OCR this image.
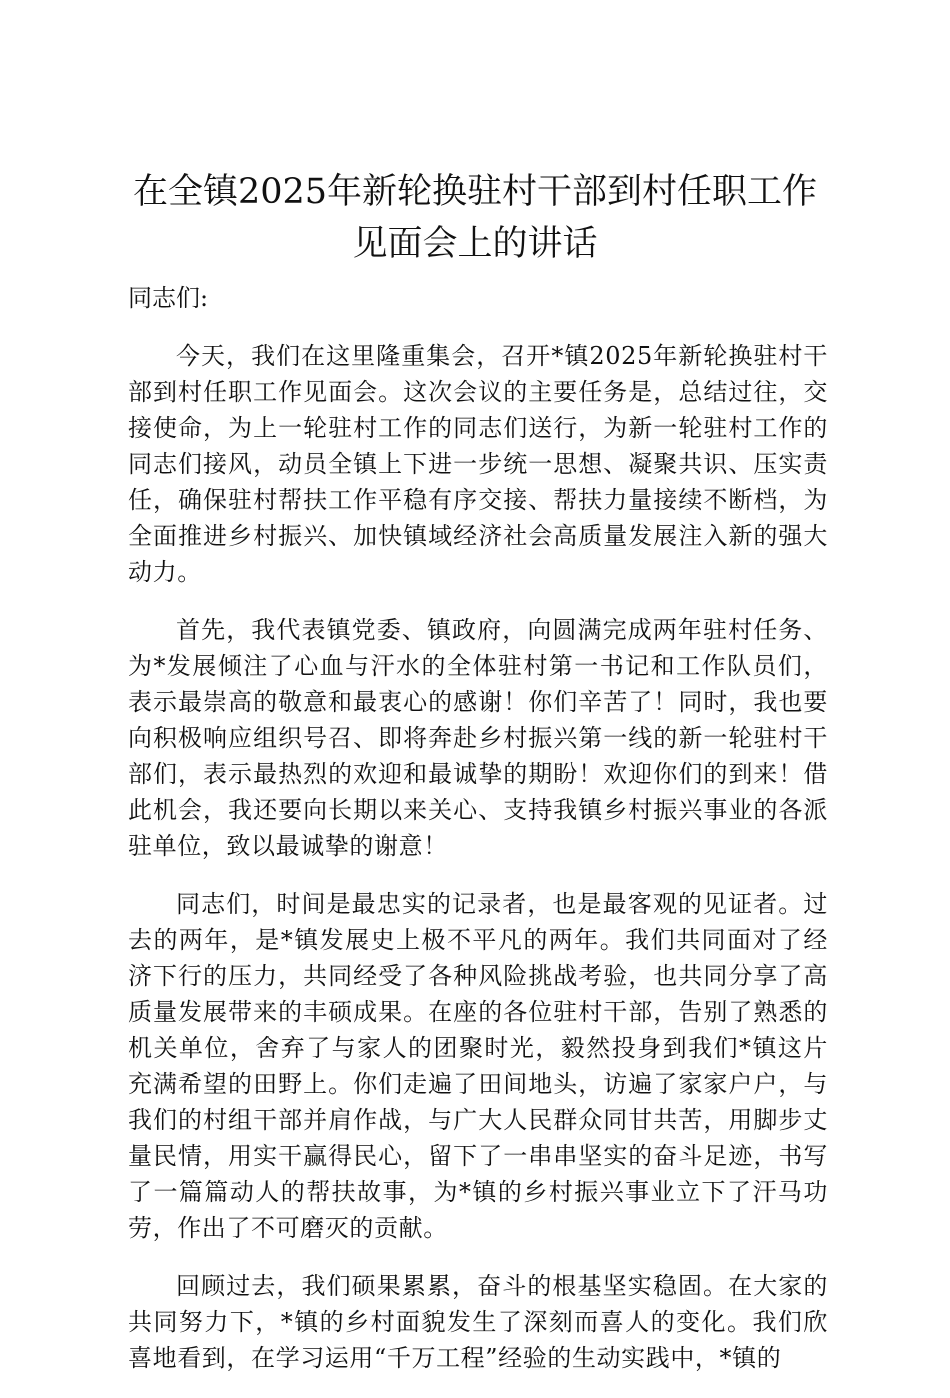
在全镇2025年新轮换驻村干部到村任职工作见面会上的讲话

同志们:

今天，我们在这里隆重集会，召开*镇2025年新轮换驻村干部到村任职工作见面会。这次会议的主要任务是，总结过往，交接使命，为上一轮驻村工作的同志们送行，为新一轮驻村工作的同志们接风，动员全镇上下进一步统一思想、凝聚共识、压实责任，确保驻村帮扶工作平稳有序交接、帮扶力量接续不断档，为全面推进乡村振兴、加快镇域经济社会高质量发展注入新的强大动力。

首先，我代表镇党委、镇政府，向圆满完成两年驻村任务、为*发展倾注了心血与汗水的全体驻村第一书记和工作队员们，表示最崇高的敬意和最衷心的感谢！你们辛苦了！同时，我也要向积极响应组织号召、即将奔赴乡村振兴第一线的新一轮驻村干部们，表示最热烈的欢迎和最诚挚的期盼！欢迎你们的到来！借此机会，我还要向长期以来关心、支持我镇乡村振兴事业的各派驻单位，致以最诚挚的谢意！

同志们，时间是最忠实的记录者，也是最客观的见证者。过去的两年，是*镇发展史上极不平凡的两年。我们共同面对了经济下行的压力，共同经受了各种风险挑战考验，也共同分享了高质量发展带来的丰硕成果。在座的各位驻村干部，告别了熟悉的机关单位，舍弃了与家人的团聚时光，毅然投身到我们*镇这片充满希望的田野上。你们走遍了田间地头，访遍了家家户户，与我们的村组干部并肩作战，与广大人民群众同甘共苦，用脚步丈量民情，用实干赢得民心，留下了一串串坚实的奋斗足迹，书写了一篇篇动人的帮扶故事，为*镇的乡村振兴事业立下了汗马功劳，作出了不可磨灭的贡献。

回顾过去，我们硕果累累，奋斗的根基坚实稳固。在大家的共同努力下，*镇的乡村面貌发生了深刻而喜人的变化。我们欣喜地看到，在学习运用“千万工程”经验的生动实践中，*镇的
